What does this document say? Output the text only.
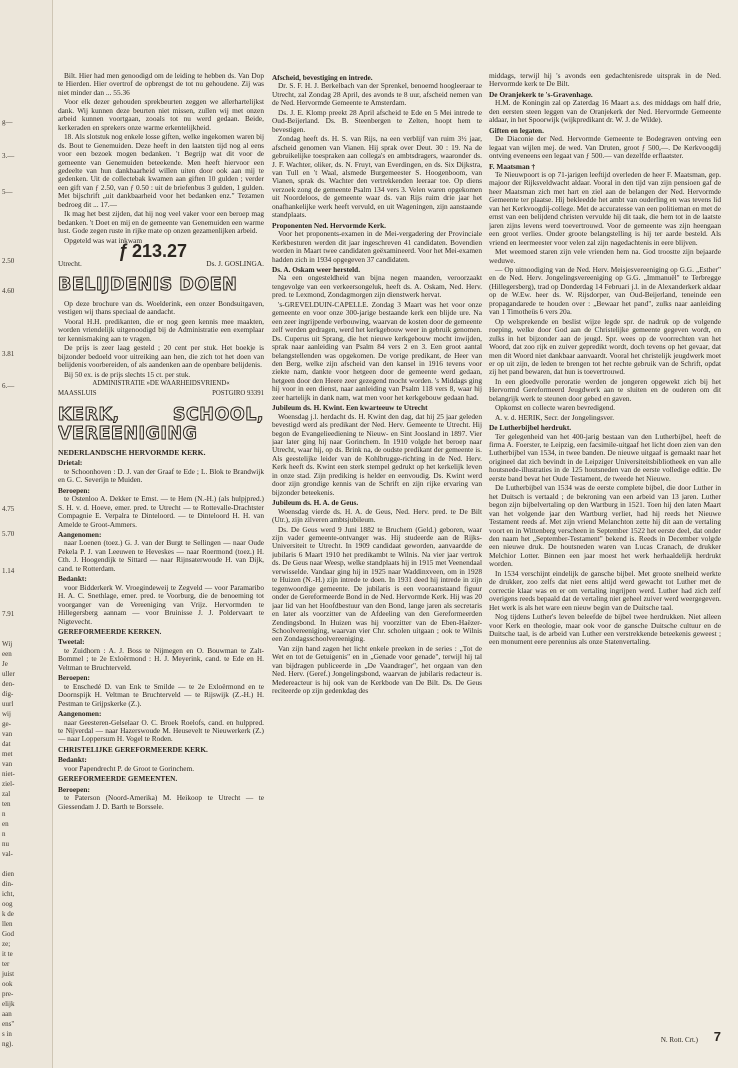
g—
3.—
5—
2.50
4.60
3.81
6.—
4.75
5.70
1.14
7.91
Wij
een
Je
uller
den-
dig-
uurl
wij
ge-
van
dat
met
van
niet-
ziel-
zal
ten
n
en
n
nu
val-
dien
din-
icht,
oog
k de
llen
God
ze;
it te
ter
juist
ook
pre-
elijk
aan
ens"
s in
ng).

Bilt. Hier had men genoodigd om de leiding te hebben ds. Van Dop te Hierden. Hier overtrof de opbrengst de tot nu gehoudene. Zij was niet minder dan ... 55.36

Voor elk dezer gehouden sprekbeurten zeggen we allerhartelijkst dank. Wij kunnen deze beurten niet missen, zullen wij met onzen arbeid kunnen voortgaan, zooals tot nu werd gedaan. Beide, kerkeraden en sprekers onze warme erkentelijkheid.

18. Als slotstuk nog enkele losse giften, welke ingekomen waren bij ds. Bout te Genemuiden. Deze heeft in den laatsten tijd nog al eens voor een bezoek mogen bedanken. 't Begrijp wat dit voor de gemeente van Genemuiden beteekende. Men heeft hiervoor een gedeelte van hun dankbaarheid willen uiten door ook aan mij te gedenken. Uit de collectebak kwamen aan giften 10 gulden ; verder een gift van ƒ 2.50, van ƒ 0.50 : uit de briefenbus 3 gulden, 1 gulden. Met bijschrift „uit dankbaarheid voor het bedanken enz." Tezamen bedroeg dit ... 17.—

Ik mag het best zijden, dat hij nog veel vaker voor een beroep mag bedanken. 't Doet en mij en de gemeente van Genemuiden een warme lust. Gode zegen ruste in rijke mate op onzen gezamenlijken arbeid.

Opgeteld was wat inkwam

ƒ 213.27
Utrecht.	Ds. J. GOSLINGA.
BELIJDENIS DOEN

Op deze brochure van ds. Woelderink, een onzer Bondsuitgaven, vestigen wij thans speciaal de aandacht.

Vooral H.H. predikanten, die er nog geen kennis mee maakten, worden vriendelijk uitgenoodigd bij de Administratie een exemplaar ter kennismaking aan te vragen.

De prijs is zeer laag gesteld ; 20 cent per stuk. Het boekje is bijzonder bedoeld voor uitreiking aan hen, die zich tot het doen van belijdenis voorbereiden, of als aandenken aan de openbare belijdenis.

Bij 50 ex. is de prijs slechts 15 ct. per stuk.

ADMINISTRATIE »DE WAARHEIDSVRIEND«
MAASSLUIS	POSTGIRO 93391
KERK, SCHOOL, VEREENIGING
NEDERLANDSCHE HERVORMDE KERK.
Drietal:

te Schoonhoven : D. J. van der Graaf te Ede ; L. Blok te Brandwijk en G. C. Severijn te Muiden.

Beroepen:

te Ostenloo A. Dekker te Emst. — te Hem (N.-H.) (als hulpjpred.) S. H. v. d. Hoeve, emer. pred. te Utrecht — te Rottevalle-Drachtster Compagnie E. Verpalra te Dinteloord. — te Dinteloord H. H. van Amelde te Groot-Ammers.

Aangenomen:

naar Loenen (toez.) G. J. van der Burgt te Sellingen — naar Oude Pekela P. J. van Leeuwen te Heveskes — naar Roermond (toez.) H. Cth. J. Hoogendijk te Sittard — naar Rijnsaterwoude H. van Dijk, cand. te Rotterdam.

Bedankt:

voor Bidderkerk W. Vroegindeweij te Zegveld — voor Paramaribo H. A. C. Snethlage, emer. pred. te Voorburg, die de benoeming tot voorganger van de Vereeniging van Vrijz. Hervormden te Hillegersberg aannam — voor Bruinisse J. J. Poldervaart te Nigtevecht.

GEREFORMEERDE KERKEN.
Tweetal:

te Zuidhorn : A. J. Boss te Nijmegen en O. Bouwman te Zalt-Bommel ; te 2e Exloërmond : H. J. Meyerink, cand. te Ede en H. Veltman te Bruchterveld.

Beroepen:

te Enschedé D. van Enk te Smilde — te 2e Exloërmond en te Doornspijk H. Veltman te Bruchterveld — te Rijswijk (Z.-H.) H. Pestman te Grijpskerke (Z.).

Aangenomen:

naar Geesteren-Gelselaar O. C. Broek Roelofs, cand. en hulppred. te Nijverdal — naar Hazerswoude M. Heusevelt te Nieuwerkerk (Z.) — naar Loppersum H. Vogel te Roden.

CHRISTELIJKE GEREFORMEERDE KERK.
Bedankt:

voor Papendrecht P. de Groot te Gorinchem.

GEREFORMEERDE GEMEENTEN.
Beroepen:

te Paterson (Noord-Amerika) M. Heikoop te Utrecht — te Giessendam J. D. Barth te Borssele.

Afscheid, bevestiging en intrede.

Dr. S. F. H. J. Berkelbach van der Sprenkel, benoemd hoogleeraar te Utrecht, zal Zondag 28 April, des avonds te 8 uur, afscheid nemen van de Ned. Hervormde Gemeente te Amsterdam.

Ds. J. E. Klomp preekt 28 April afscheid te Ede en 5 Mei intrede te Oud-Beijerland. Ds. B. Steenbergen te Zelten, hoopt hem te bevestigen.

Zondag heeft ds. H. S. van Rijs, na een verblijf van ruim 3½ jaar, afscheid genomen van Vianen. Hij sprak over Deut. 30 : 19. Na de gebruikelijke toespraken aan collega's en ambtsdragers, waaronder ds. J. F. Wachter, oliker, ds. N. Fruyt, van Everdingen, en ds. Six Dijkstra, van Tull en 't Waal, alsmede Burgemeester S. Hoogenboom, van Vianen, sprak ds. Wachter den vertrekkenden leeraar toe. Op diens verzoek zong de gemeente Psalm 134 vers 3. Velen waren opgekomen uit Noordeloos, de gemeente waar ds. van Rijs ruim drie jaar het onafhankelijke werk heeft vervuld, en uit Wageningen, zijn aanstaande standplaats.

Proponenten Ned. Hervormde Kerk.

Voor het proponents-examen in de Mei-vergadering der Provinciale Kerkbesturen werden dit jaar ingeschreven 41 candidaten. Bovendien worden in Maart twee candidaten geëxamineerd. Voor het Mei-examen hadden zich in 1934 opgegeven 37 candidaten.

Ds. A. Oskam weer hersteld.

Na een ongesteldheid van bijna negen maanden, veroorzaakt tengevolge van een verkeersongeluk, heeft ds. A. Oskam, Ned. Herv. pred. te Lexmond, Zondagmorgen zijn dienstwerk hervat.

's-GREVELDUIN-CAPELLE. Zondag 3 Maart was het voor onze gemeente en voor onze 300-jarige bestaande kerk een blijde ure. Na een zeer ingrijpende verbouwing, waarvan de kosten door de gemeente zelf werden gedragen, werd het kerkgebouw weer in gebruik genomen. Ds. Cuperus uit Sprang, die het nieuwe kerkgebouw mocht inwijden, sprak naar aanleiding van Psalm 84 vers 2 en 3. Een groot aantal belangstellenden was opgekomen. De vorige predikant, de Heer van den Berg, welke zijn afscheid van den kansel in 1916 tevens voor ziekte nam, dankte voor hetgeen door de gemeente werd gedaan, hetgeen door den Heere zeer gezegend mocht worden. 's Middags ging hij voor in een dienst, naar aanleiding van Psalm 118 vers 8, waar hij zeer hartelijk in dank nam, wat men voor het kerkgebouw gedaan had.

Jubileum ds. H. Kwint. Een kwarteeuw te Utrecht

Woensdag j.l. herdacht ds. H. Kwint den dag, dat hij 25 jaar geleden bevestigd werd als predikant der Ned. Herv. Gemeente te Utrecht. Hij begon de Evangelieediening te Nieuw- en Sint Joosland in 1897. Vier jaar later ging hij naar Gorinchem. In 1910 volgde het beroep naar Utrecht, waar hij, op ds. Brink na, de oudste predikant der gemeente is. Als geestelijke leider van de Kohlbrugge-richting in de Ned. Herv. Kerk heeft ds. Kwint een sterk stempel gedrukt op het kerkelijk leven in onze stad. Zijn prediking is helder en eenvoudig. Ds. Kwint werd door zijn grondige kennis van de Schrift en zijn rijke ervaring van bijzonder beteekenis.

Jubileum ds. H. A. de Geus.

Woensdag vierde ds. H. A. de Geus, Ned. Herv. pred. te De Bilt (Utr.), zijn zilveren ambtsjubileum.

Ds. De Geus werd 9 Juni 1882 te Bruchem (Geld.) geboren, waar zijn vader gemeente-ontvanger was. Hij studeerde aan de Rijks-Universiteit te Utrecht. In 1909 candidaat geworden, aanvaardde de jubilaris 6 Maart 1910 het predikambt te Wilnis. Na vier jaar vertrok ds. De Geus naar Weesp, welke standplaats hij in 1915 met Veenendaal verwisselde. Vandaar ging hij in 1925 naar Waddinxveen, om in 1928 te Huizen (N.-H.) zijn intrede te doen. In 1931 deed hij intrede in zijn tegenwoordige gemeente. De jubilaris is een vooraanstaand figuur onder de Gereformeerde Bond in de Ned. Hervormde Kerk. Hij was 20 jaar lid van het Hoofdbestuur van den Bond, lange jaren als secretaris en later als voorzitter van de Afdeeling van den Gereformeerden Zendingsbond. In Huizen was hij voorzitter van de Eben-Haëzer-Schoolvereeniging, waarvan vier Chr. scholen uitgaan ; ook te Wilnis een Zondagsschoolvereeniging.

Van zijn hand zagen het licht enkele preeken in de series : „Tot de Wet en tot de Getuigenis" en in „Genade voor genade", terwijl hij tal van bijdragen publiceerde in „De Vaandrager", het orgaan van den Ned. Herv. (Geref.) Jongelingsbond, waarvan de jubilaris redacteur is. Medereacteur is hij ook van de Kerkbode van De Bilt. Ds. De Geus reciteerde op zijn gedenkdag des

middags, terwijl hij 's avonds een gedachtenisrede uitsprak in de Ned. Hervormde kerk te De Bilt.

De Oranjekerk te 's-Gravenhage.

H.M. de Koningin zal op Zaterdag 16 Maart a.s. des middags om half drie, den eersten steen leggen van de Oranjekerk der Ned. Hervormde Gemeente aldaar, in het Spoorwijk (wijkpredikant dr. W. J. de Wilde).

Giften en legaten.

De Diaconie der Ned. Hervormde Gemeente te Bodegraven ontving een legaat van wijlen mej. de wed. Van Druten, groot ƒ 500,—. De Kerkvoogdij ontving eveneens een legaat van ƒ 500.— van dezelfde erflaatster.

F. Maatsman †

Te Nieuwpoort is op 71-jarigen leeftijd overleden de heer F. Maatsman, gep. majoor der Rijksveldwacht aldaar. Vooral in den tijd van zijn pensioen gaf de heer Maatsman zich met hart en ziel aan de belangen der Ned. Hervormde Gemeente ter plaatse. Hij bekleedde het ambt van ouderling en was tevens lid van het Kerkvoogdij-college. Met de accuratesse van een politieman en met de ernst van een belijdend christen vervulde hij dit taak, die hem tot in de laatste jaren zijns levens werd toevertrouwd. Voor de gemeente was zijn heengaan een groot verlies. Onder groote belangstelling is hij ter aarde besteld. Als vriend en leermeester voor velen zal zijn nagedachtenis in eere blijven.

Met weemoed staren zijn vele vrienden hem na. God troostte zijn bejaarde weduwe.

— Op uitnoodiging van de Ned. Herv. Meisjesvereeniging op G.G. „Esther" en de Ned. Herv. Jongelingsvereeniging op G.G. „Immanuël" te Terbregge (Hillegersberg), trad op Donderdag 14 Februari j.l. in de Alexanderkerk aldaar op de W.Ew. heer ds. W. Rijsdorper, van Oud-Beijerland, teneinde een propagandarede te houden over : „Bewaar het pand", zulks naar aanleiding van 1 Timotheüs 6 vers 20a.

Op welsprekende en beslist wijze legde spr. de nadruk op de volgende roeping, welke door God aan de Christelijke gemeente gegeven wordt, en zulks in het bijzonder aan de jeugd. Spr. wees op de voorrechten van het Woord, dat zoo rijk en zuiver gepredikt wordt, doch tevens op het gevaar, dat men dit Woord niet dankbaar aanvaardt. Vooral het christelijk jeugdwerk moet er op uit zijn, de leden te brengen tot het rechte gebruik van de Schrift, opdat zij het pand bewaren, dat hun is toevertrouwd.

In een gloedvolle peroratie werden de jongeren opgewekt zich bij het Hervormd Gereformeerd Jeugdwerk aan te sluiten en de ouderen om dit belangrijk werk te steunen door gebed en gaven.

Opkomst en collecte waren bevredigend.

A. v. d. HERIK, Secr. der Jongelingsver.

De Lutherbijbel herdrukt.

Ter gelegenheid van het 400-jarig bestaan van den Lutherbijbel, heeft de firma A. Foerster, te Leipzig, een facsimile-uitgaaf het licht doen zien van den Lutherbijbel van 1534, in twee banden. De nieuwe uitgaaf is gemaakt naar het origineel dat zich bevindt in de Leipziger Universiteitsbibliotheek en van alle houtsnede-illustraties in de 125 houtsneden van de eerste volledige editie. De eerste band bevat het Oude Testament, de tweede het Nieuwe.

De Lutherbijbel van 1534 was de eerste complete bijbel, die door Luther in het Duitsch is vertaald ; de bekroning van een arbeid van 13 jaren. Luther begon zijn bijbelvertaling op den Wartburg in 1521. Toen hij den laten Maart van het volgende jaar den Wartburg verliet, had hij reeds het Nieuwe Testament reeds af. Met zijn vriend Melanchton zette hij dit aan de vertaling voort en in Wittenberg verscheen in September 1522 het eerste deel, dat onder den naam het „September-Testament" bekend is. Reeds in December volgde een nieuwe druk. De houtsneden waren van Lucas Cranach, de drukker Melchior Lotter. Binnen een jaar moest het werk herhaaldelijk herdrukt worden.

In 1534 verschijnt eindelijk de gansche bijbel. Met groote snelheid werkte de drukker, zoo zelfs dat niet eens altijd werd gewacht tot Luther met de correctie klaar was en er om vertaling ingrijpen werd. Luther had zich zelf overigens reeds bepaald dat de vertaling niet geheel zuiver werd weergegeven. Het werk is als het ware een nieuw begin van de Duitsche taal.

Nog tijdens Luther's leven beleefde de bijbel twee herdrukken. Niet alleen voor Kerk en theologie, maar ook voor de gansche Duitsche cultuur en de Duitsche taal, is de arbeid van Luther een verstrekkende beteekenis geweest ; een monument eere perennius als onze Statenvertaling.

N. Rott. Crt.) 7
